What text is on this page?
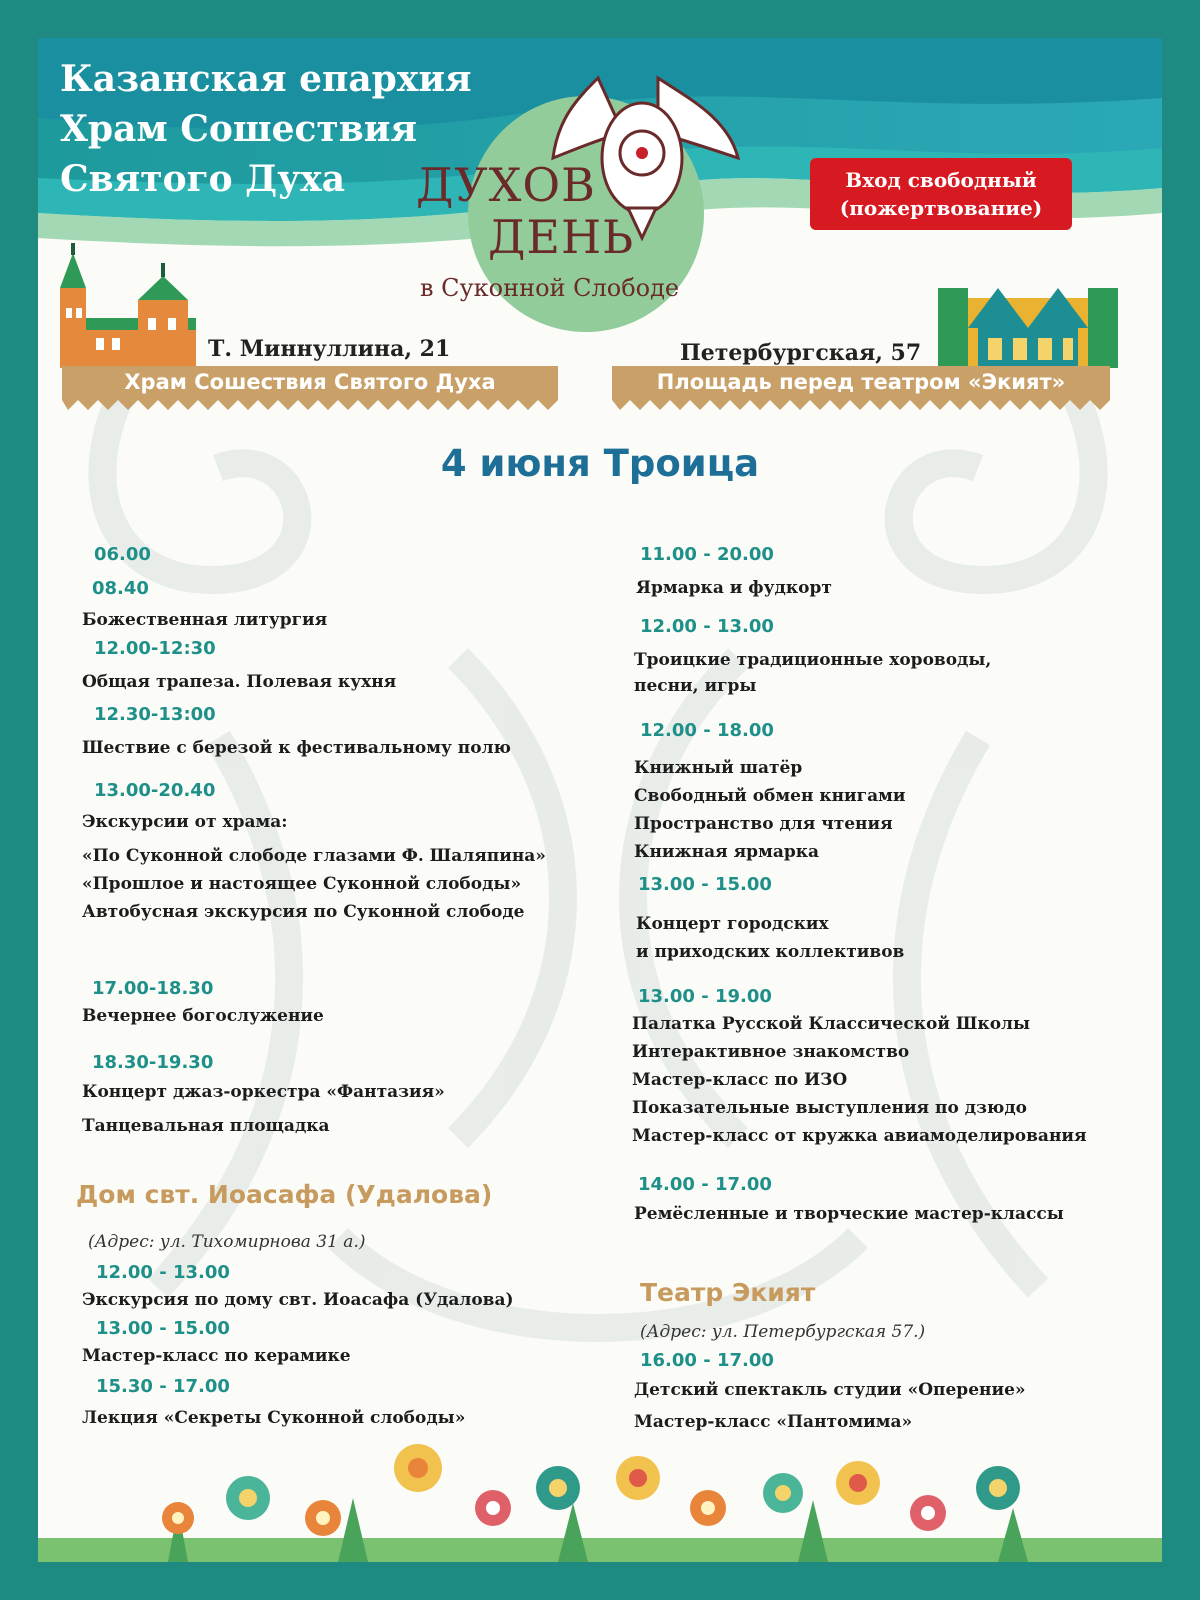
Казанская епархия
Храм Сошествия
Святого Духа ДУХОВ
ДЕНЬ
в Суконной Слободе
Вход свободный
(пожертвование)
Т. Миннуллина, 21
Храм Сошествия Святого Духа
Петербургская, 57
Площадь перед театром «Экият»
4 июня Троица
06.00
08.40
Божественная литургия
12.00-12:30
Общая трапеза. Полевая кухня
12.30-13:00
Шествие с березой к фестивальному полю
13.00-20.40
Экскурсии от храма:
«По Суконной слободе глазами Ф. Шаляпина»
«Прошлое и настоящее Суконной слободы»
Автобусная экскурсия по Суконной слободе
17.00-18.30
Вечернее богослужение
18.30-19.30
Концерт джаз-оркестра «Фантазия»
Танцевальная площадка
Дом свт. Иоасафа (Удалова)
(Адрес: ул. Тихомирнова 31 а.)
12.00 - 13.00
Экскурсия по дому свт. Иоасафа (Удалова)
13.00 - 15.00
Мастер-класс по керамике
15.30 - 17.00
Лекция «Секреты Суконной слободы»
11.00 - 20.00
Ярмарка и фудкорт
12.00 - 13.00
Троицкие традиционные хороводы,
песни, игры
12.00 - 18.00
Книжный шатёр
Свободный обмен книгами
Пространство для чтения
Книжная ярмарка
13.00 - 15.00
Концерт городских
и приходских коллективов
13.00 - 19.00
Палатка Русской Классической Школы
Интерактивное знакомство
Мастер-класс по ИЗО
Показательные выступления по дзюдо
Мастер-класс от кружка авиамоделирования
14.00 - 17.00
Ремёсленные и творческие мастер-классы
Театр Экият
(Адрес: ул. Петербургская 57.)
16.00 - 17.00
Детский спектакль студии «Оперение»
Мастер-класс «Пантомима»
